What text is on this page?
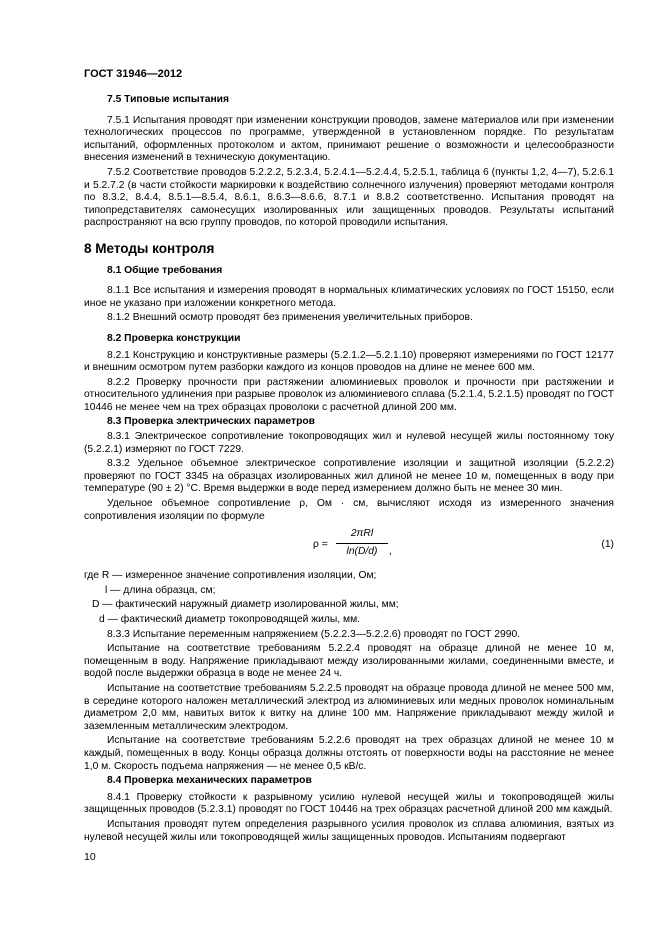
ГОСТ 31946—2012
7.5 Типовые испытания
7.5.1 Испытания проводят при изменении конструкции проводов, замене материалов или при изменении технологических процессов по программе, утвержденной в установленном порядке. По результатам испытаний, оформленных протоколом и актом, принимают решение о возможности и целесообразности внесения изменений в техническую документацию.
7.5.2 Соответствие проводов 5.2.2.2, 5.2.3.4, 5.2.4.1—5.2.4.4, 5.2.5.1, таблица 6 (пункты 1,2, 4—7), 5.2.6.1 и 5.2.7.2 (в части стойкости маркировки к воздействию солнечного излучения) проверяют методами контроля по 8.3.2, 8.4.4, 8.5.1—8.5.4, 8.6.1, 8.6.3—8.6.6, 8.7.1 и 8.8.2 соответственно. Испытания проводят на типопредставителях самонесущих изолированных или защищенных проводов. Результаты испытаний распространяют на всю группу проводов, по которой проводили испытания.
8 Методы контроля
8.1 Общие требования
8.1.1 Все испытания и измерения проводят в нормальных климатических условиях по ГОСТ 15150, если иное не указано при изложении конкретного метода.
8.1.2 Внешний осмотр проводят без применения увеличительных приборов.
8.2 Проверка конструкции
8.2.1 Конструкцию и конструктивные размеры (5.2.1.2—5.2.1.10) проверяют измерениями по ГОСТ 12177 и внешним осмотром путем разборки каждого из концов проводов на длине не менее 600 мм.
8.2.2 Проверку прочности при растяжении алюминиевых проволок и прочности при растяжении и относительного удлинения при разрыве проволок из алюминиевого сплава (5.2.1.4, 5.2.1.5) проводят по ГОСТ 10446 не менее чем на трех образцах проволоки с расчетной длиной 200 мм.
8.3 Проверка электрических параметров
8.3.1 Электрическое сопротивление токопроводящих жил и нулевой несущей жилы постоянному току (5.2.2.1) измеряют по ГОСТ 7229.
8.3.2 Удельное объемное электрическое сопротивление изоляции и защитной изоляции (5.2.2.2) проверяют по ГОСТ 3345 на образцах изолированных жил длиной не менее 10 м, помещенных в воду при температуре (90 ± 2) °С. Время выдержки в воде перед измерением должно быть не менее 30 мин.
Удельное объемное сопротивление ρ, Ом · см, вычисляют исходя из измеренного значения сопротивления изоляции по формуле
ρ =
2πRl
ln(D/d)	,
(1)
где R — измеренное значение сопротивления изоляции, Ом;
l — длина образца, см;
D — фактический наружный диаметр изолированной жилы, мм;
d — фактический диаметр токопроводящей жилы, мм.
8.3.3 Испытание переменным напряжением (5.2.2.3—5.2.2.6) проводят по ГОСТ 2990.
Испытание на соответствие требованиям 5.2.2.4 проводят на образце длиной не менее 10 м, помещенным в воду. Напряжение прикладывают между изолированными жилами, соединенными вместе, и водой после выдержки образца в воде не менее 24 ч.
Испытание на соответствие требованиям 5.2.2.5 проводят на образце провода длиной не менее 500 мм, в середине которого наложен металлический электрод из алюминиевых или медных проволок номинальным диаметром 2,0 мм, навитых виток к витку на длине 100 мм. Напряжение прикладывают между жилой и заземленным металлическим электродом.
Испытание на соответствие требованиям 5.2.2.6 проводят на трех образцах длиной не менее 10 м каждый, помещенных в воду. Концы образца должны отстоять от поверхности воды на расстояние не менее 1,0 м. Скорость подъема напряжения — не менее 0,5 кВ/с.
8.4 Проверка механических параметров
8.4.1 Проверку стойкости к разрывному усилию нулевой несущей жилы и токопроводящей жилы защищенных проводов (5.2.3.1) проводят по ГОСТ 10446 на трех образцах расчетной длиной 200 мм каждый.
Испытания проводят путем определения разрывного усилия проволок из сплава алюминия, взятых из нулевой несущей жилы или токопроводящей жилы защищенных проводов. Испытаниям подвергают
10
